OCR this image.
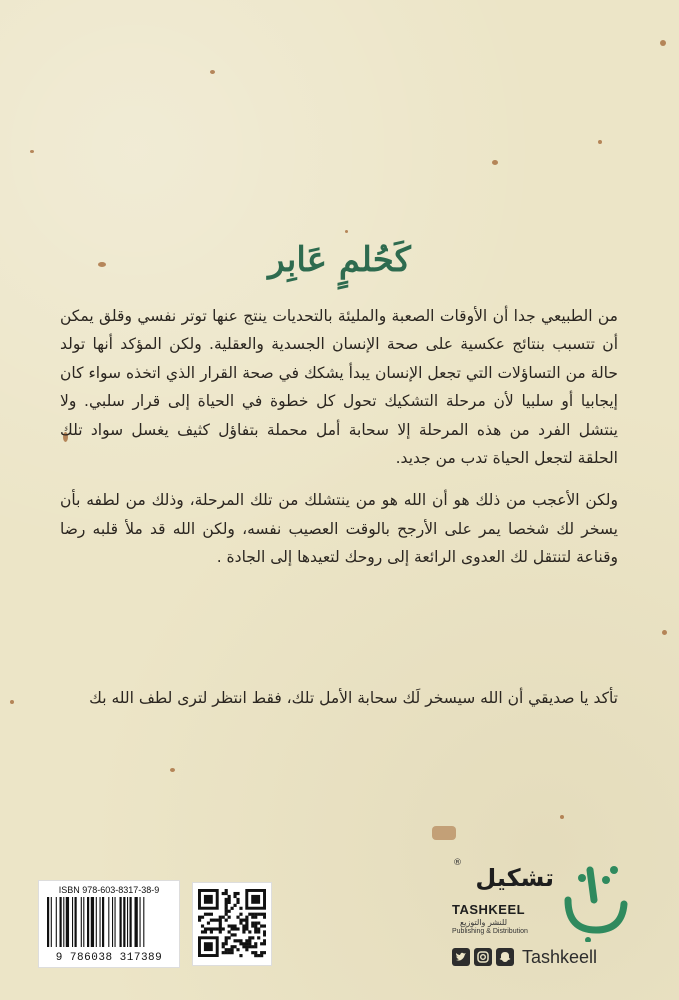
كَحُلمٍ عَابِر

من الطبيعي جدا أن الأوقات الصعبة والمليئة بالتحديات ينتج عنها توتر نفسي وقلق يمكن أن تتسبب بنتائج عكسية على صحة الإنسان الجسدية والعقلية. ولكن المؤكد أنها تولد حالة من التساؤلات التي تجعل الإنسان يبدأ يشكك في صحة القرار الذي اتخذه سواء كان إيجابيا أو سلبيا لأن مرحلة التشكيك تحول كل خطوة في الحياة إلى قرار سلبي. ولا ينتشل الفرد من هذه المرحلة إلا سحابة أمل محملة بتفاؤل كثيف يغسل سواد تلك الحلقة لتجعل الحياة تدب من جديد.

ولكن الأعجب من ذلك هو أن الله هو من ينتشلك من تلك المرحلة، وذلك من لطفه بأن يسخر لك شخصا يمر على الأرجح بالوقت العصيب نفسه، ولكن الله قد ملأ قلبه رضا وقناعة لتنتقل لك العدوى الرائعة إلى روحك لتعيدها إلى الجادة .

تأكد يا صديقي أن الله سيسخر لَك سحابة الأمل تلك، فقط انتظر لترى لطف الله بك

ISBN 978-603-8317-38-9
9 786038 317389
®
تشكيل
TASHKEEL
للنشر والتوزيع
Publishing & Distribution
Tashkeell
